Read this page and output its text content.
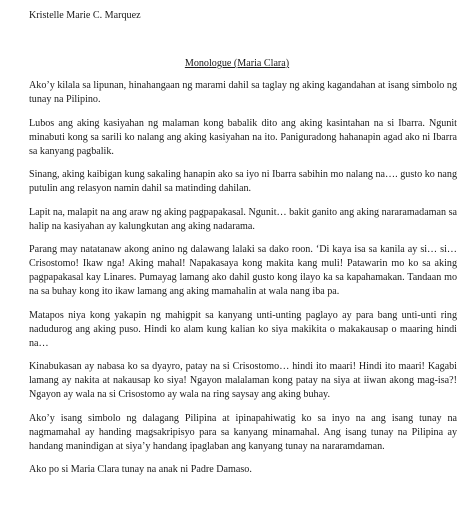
Kristelle Marie C. Marquez

Monologue (Maria Clara)

Ako’y kilala sa lipunan, hinahangaan ng marami dahil sa taglay ng aking kagandahan at isang simbolo ng tunay na Pilipino.

Lubos ang aking kasiyahan ng malaman kong babalik dito ang aking kasintahan na si Ibarra. Ngunit minabuti kong sa sarili ko nalang ang aking kasiyahan na ito. Paniguradong hahanapin agad ako ni Ibarra sa kanyang pagbalik.

Sinang, aking kaibigan kung sakaling hanapin ako sa iyo ni Ibarra sabihin mo nalang na…. gusto ko nang putulin ang relasyon namin dahil sa matinding dahilan.

Lapit na, malapit na ang araw ng aking pagpapakasal. Ngunit… bakit ganito ang aking nararamadaman sa halip na kasiyahan ay kalungkutan ang aking nadarama.

Parang may natatanaw akong anino ng dalawang lalaki sa dako roon. ‘Di kaya isa sa kanila ay si… si… Crisostomo! Ikaw nga! Aking mahal! Napakasaya kong makita kang muli! Patawarin mo ko sa aking pagpapakasal kay Linares. Pumayag lamang ako dahil gusto kong ilayo ka sa kapahamakan. Tandaan mo na sa buhay kong ito ikaw lamang ang aking mamahalin at wala nang iba pa.

Matapos niya kong yakapin ng mahigpit sa kanyang unti-unting paglayo ay para bang unti-unti ring nadudurog ang aking puso. Hindi ko alam kung kalian ko siya makikita o makakausap o maaring hindi na…

Kinabukasan ay nabasa ko sa dyayro, patay na si Crisostomo… hindi ito maari! Hindi ito maari! Kagabi lamang ay nakita at nakausap ko siya! Ngayon malalaman kong patay na siya at iiwan akong mag-isa?! Ngayon ay wala na si Crisostomo ay wala na ring saysay ang aking buhay.

Ako’y isang simbolo ng dalagang Pilipina at ipinapahiwatig ko sa inyo na ang isang tunay na nagmamahal ay handing magsakripisyo para sa kanyang minamahal. Ang isang tunay na Pilipina ay handang manindigan at siya’y handang ipaglaban ang kanyang tunay na nararamdaman.

Ako po si Maria Clara tunay na anak ni Padre Damaso.
